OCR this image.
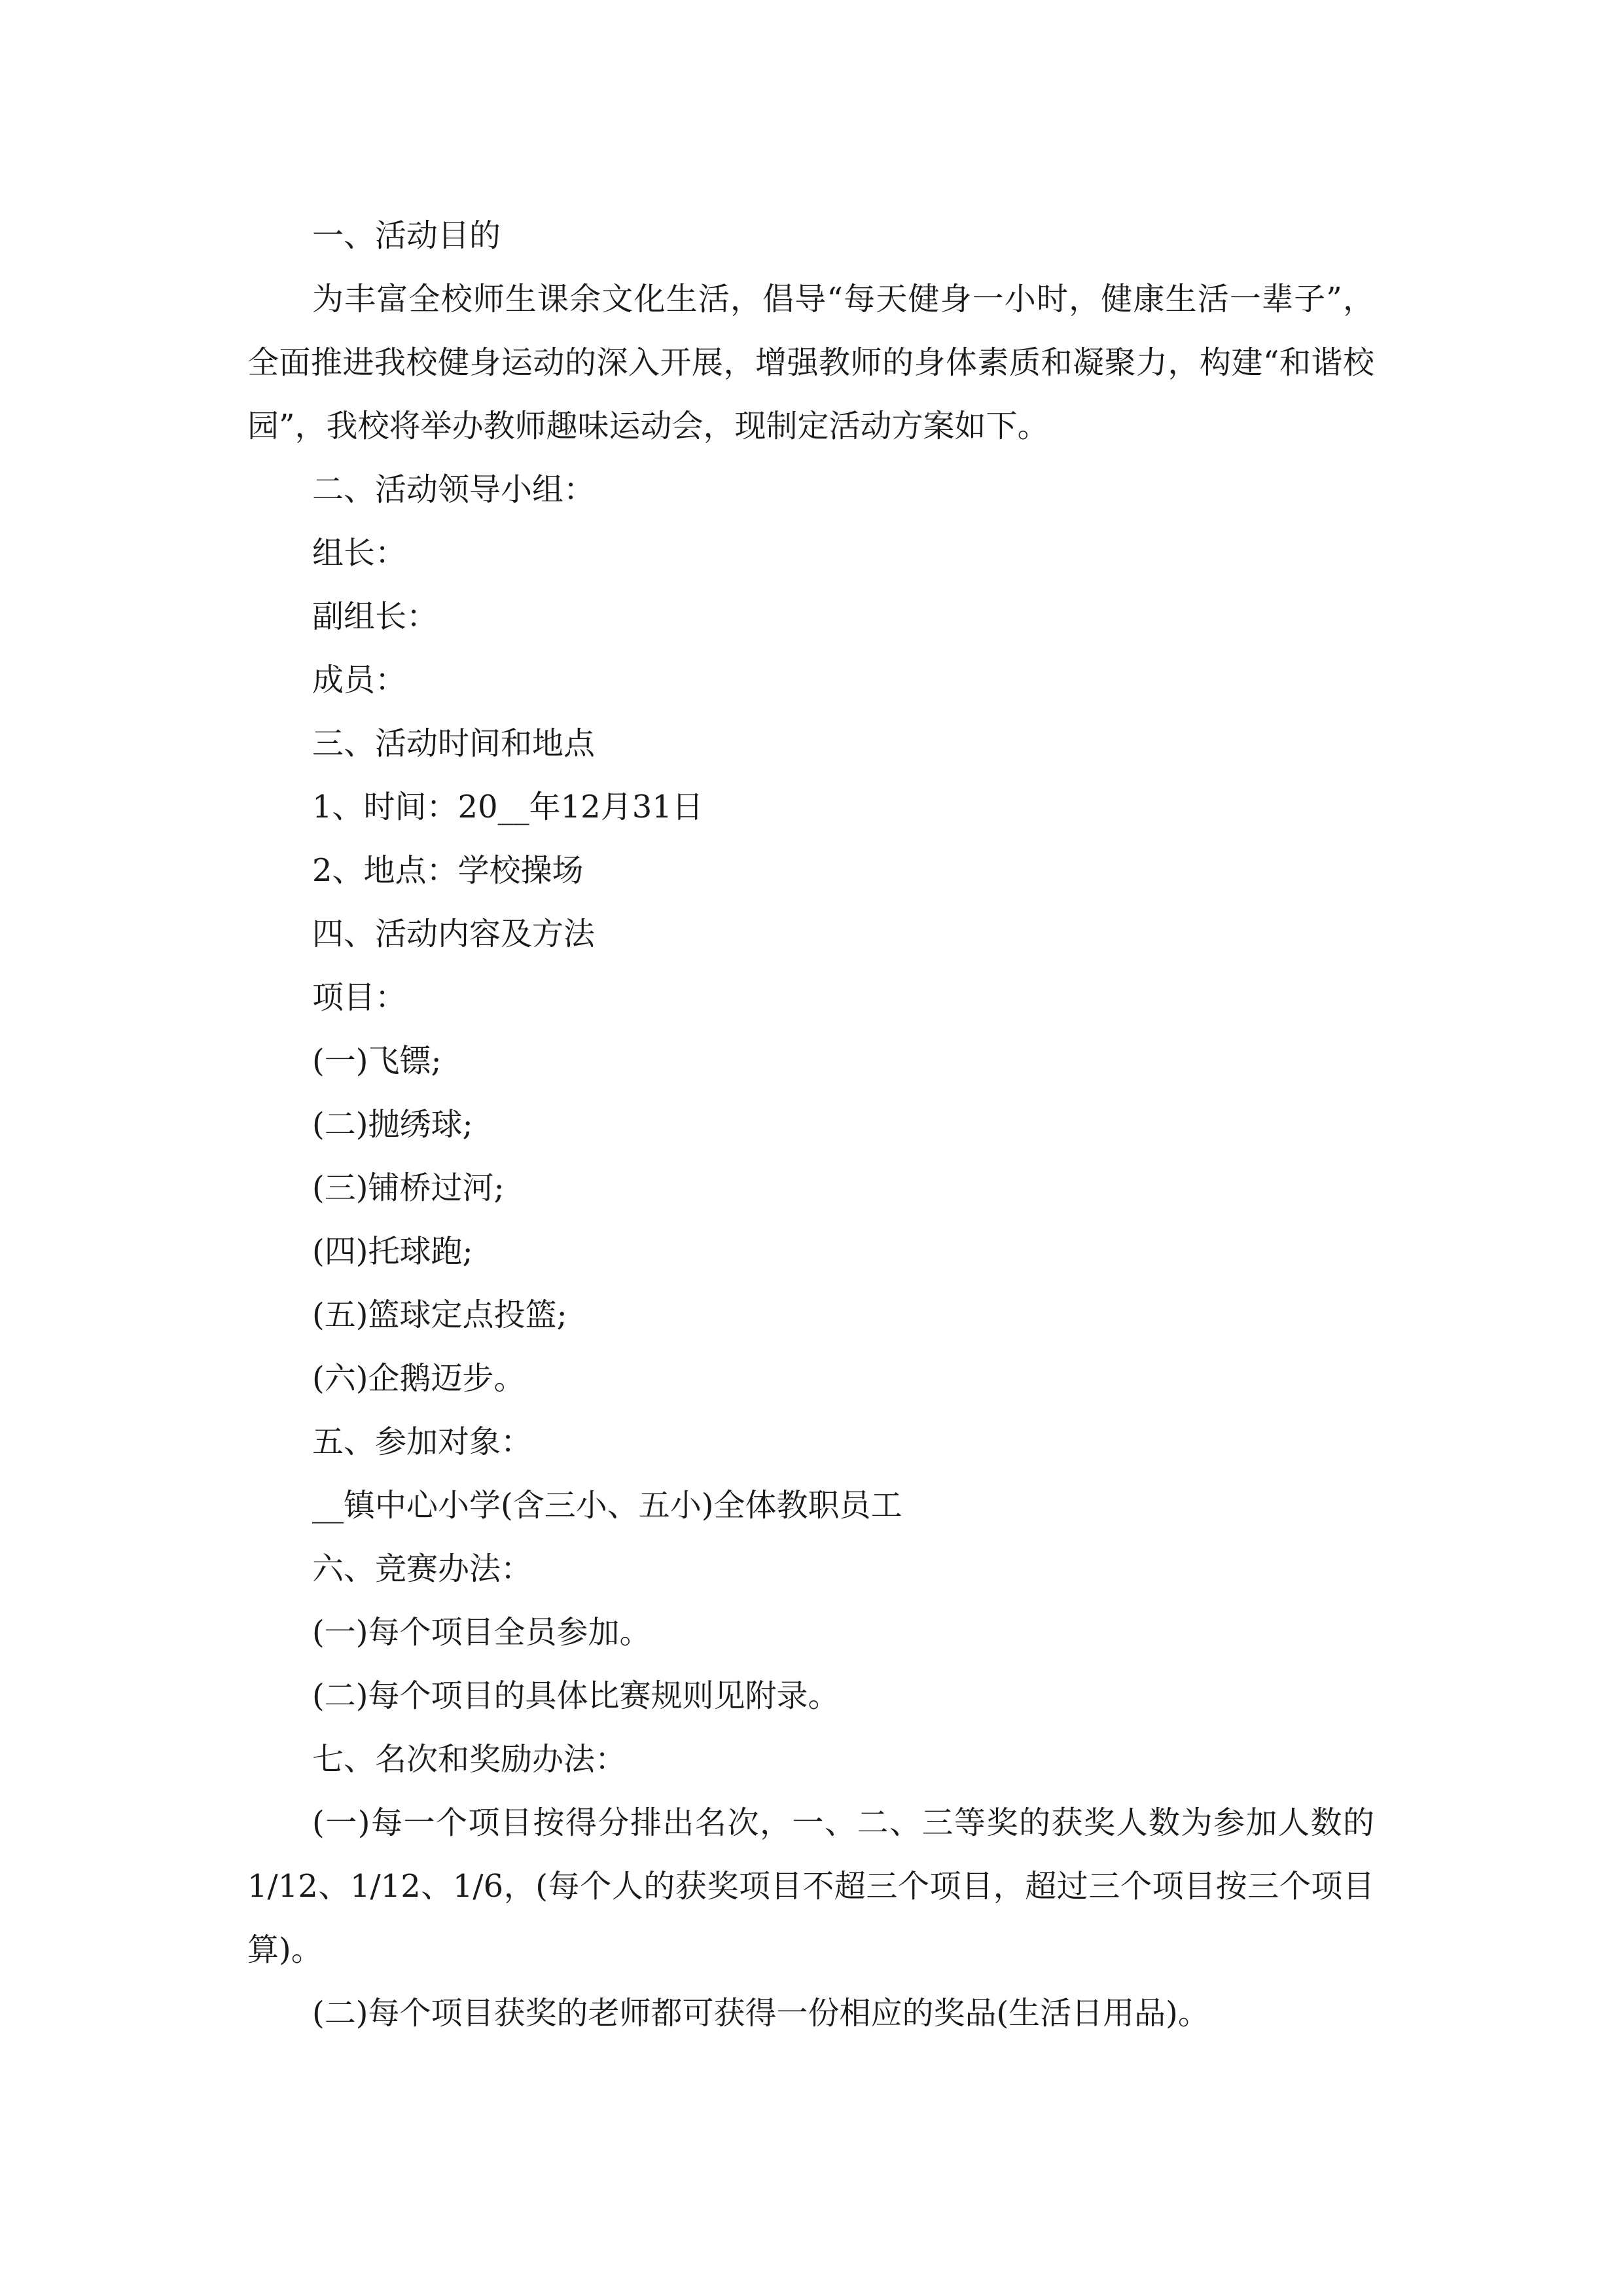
一、活动目的

为丰富全校师生课余文化生活，倡导“每天健身一小时，健康生活一辈子”，全面推进我校健身运动的深入开展，增强教师的身体素质和凝聚力，构建“和谐校园”，我校将举办教师趣味运动会，现制定活动方案如下。

二、活动领导小组：

组长：

副组长：

成员：

三、活动时间和地点

1、时间：20__年12月31日

2、地点：学校操场

四、活动内容及方法

项目：

(一)飞镖;

(二)抛绣球;

(三)铺桥过河;

(四)托球跑;

(五)篮球定点投篮;

(六)企鹅迈步。

五、参加对象：

__镇中心小学(含三小、五小)全体教职员工

六、竞赛办法：

(一)每个项目全员参加。

(二)每个项目的具体比赛规则见附录。

七、名次和奖励办法：

(一)每一个项目按得分排出名次，一、二、三等奖的获奖人数为参加人数的1/12、1/12、1/6，(每个人的获奖项目不超三个项目，超过三个项目按三个项目算)。

(二)每个项目获奖的老师都可获得一份相应的奖品(生活日用品)。
